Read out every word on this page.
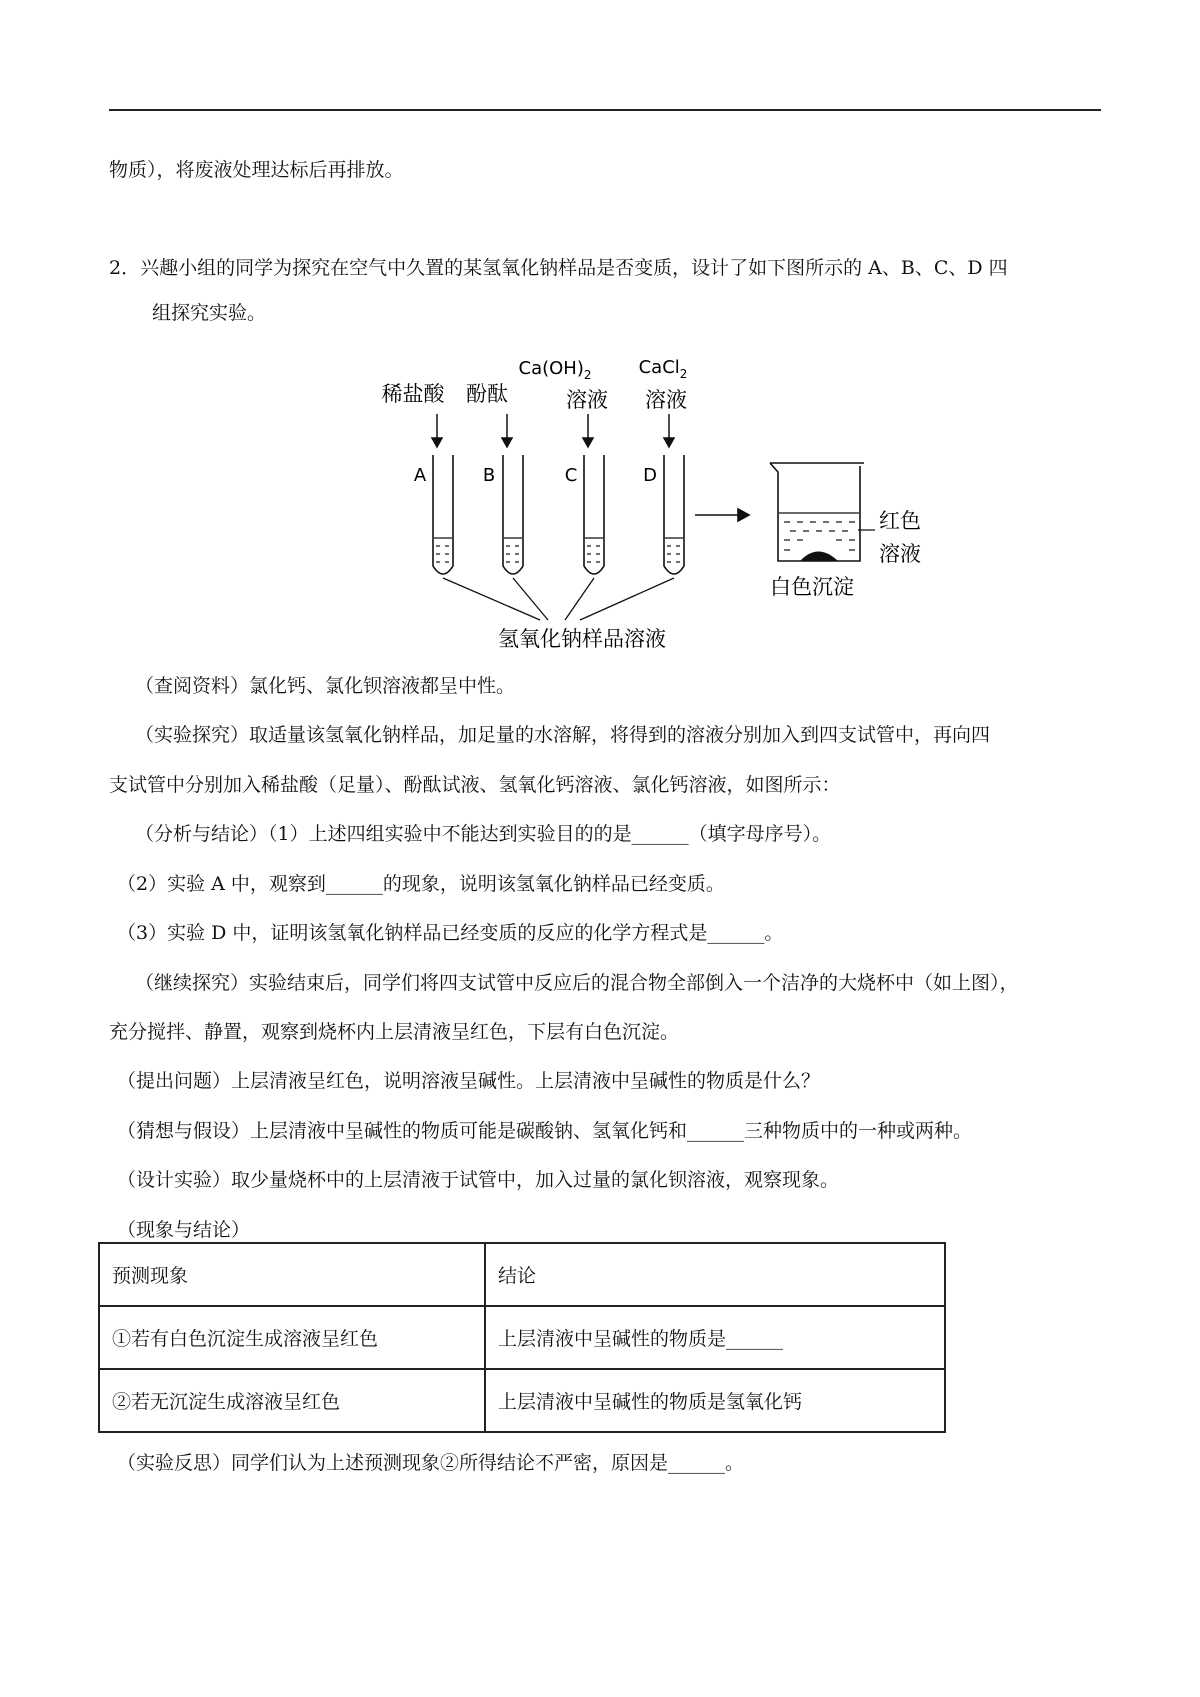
物质），将废液处理达标后再排放。
2．兴趣小组的同学为探究在空气中久置的某氢氧化钠样品是否变质，设计了如下图所示的 A、B、C、D 四
组探究实验。
稀盐酸 酚酞
$Ca(OH)_2$
溶液
CaCl$_2$
溶液
A	B	C	D
氢氧化钠样品溶液
红色
溶液
白色沉淀
（查阅资料）氯化钙、氯化钡溶液都呈中性。
（实验探究）取适量该氢氧化钠样品，加足量的水溶解，将得到的溶液分别加入到四支试管中，再向四
支试管中分别加入稀盐酸（足量）、酚酞试液、氢氧化钙溶液、氯化钙溶液，如图所示：
（分析与结论）（1）上述四组实验中不能达到实验目的的是______（填字母序号）。
（2）实验 A 中，观察到______的现象，说明该氢氧化钠样品已经变质。
（3）实验 D 中，证明该氢氧化钠样品已经变质的反应的化学方程式是______。
（继续探究）实验结束后，同学们将四支试管中反应后的混合物全部倒入一个洁净的大烧杯中（如上图），
充分搅拌、静置，观察到烧杯内上层清液呈红色，下层有白色沉淀。
（提出问题）上层清液呈红色，说明溶液呈碱性。上层清液中呈碱性的物质是什么？
（猜想与假设）上层清液中呈碱性的物质可能是碳酸钠、氢氧化钙和______三种物质中的一种或两种。
（设计实验）取少量烧杯中的上层清液于试管中，加入过量的氯化钡溶液，观察现象。
（现象与结论）
预测现象	结论
①若有白色沉淀生成溶液呈红色	上层清液中呈碱性的物质是______
②若无沉淀生成溶液呈红色	上层清液中呈碱性的物质是氢氧化钙
（实验反思）同学们认为上述预测现象②所得结论不严密，原因是______。
